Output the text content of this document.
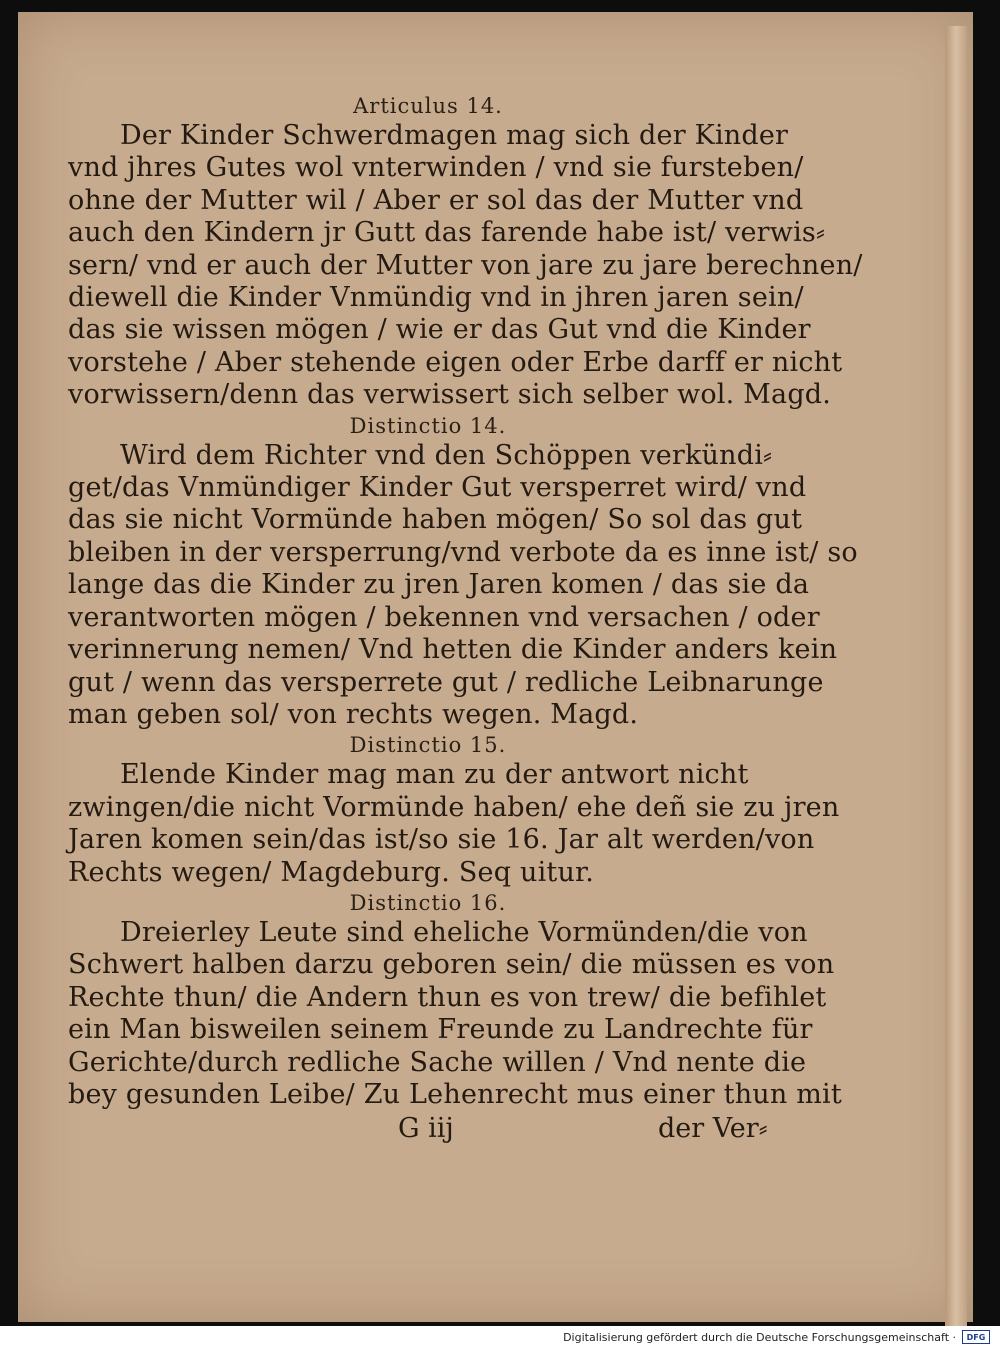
Articulus 14.
Der Kinder Schwerdmagen mag sich der Kinder
vnd jhres Gutes wol vnterwinden / vnd sie fursteben/
ohne der Mutter wil / Aber er sol das der Mutter vnd
auch den Kindern jr Gutt das farende habe ist/ verwis⸗
sern/ vnd er auch der Mutter von jare zu jare berechnen/
diewell die Kinder Vnmündig vnd in jhren jaren sein/
das sie wissen mögen / wie er das Gut vnd die Kinder
vorstehe / Aber stehende eigen oder Erbe darff er nicht
vorwissern/denn das verwissert sich selber wol. Magd.
Distinctio 14.
Wird dem Richter vnd den Schöppen verkündi⸗
get/das Vnmündiger Kinder Gut versperret wird/ vnd
das sie nicht Vormünde haben mögen/ So sol das gut
bleiben in der versperrung/vnd verbote da es inne ist/ so
lange das die Kinder zu jren Jaren komen / das sie da
verantworten mögen / bekennen vnd versachen / oder
verinnerung nemen/ Vnd hetten die Kinder anders kein
gut / wenn das versperrete gut / redliche Leibnarunge
man geben sol/ von rechts wegen. Magd.
Distinctio 15.
Elende Kinder mag man zu der antwort nicht
zwingen/die nicht Vormünde haben/ ehe deñ sie zu jren
Jaren komen sein/das ist/so sie 16. Jar alt werden/von
Rechts wegen/ Magdeburg. Seq uitur.
Distinctio 16.
Dreierley Leute sind eheliche Vormünden/die von
Schwert halben darzu geboren sein/ die müssen es von
Rechte thun/ die Andern thun es von trew/ die befihlet
ein Man bisweilen seinem Freunde zu Landrechte für
Gerichte/durch redliche Sache willen / Vnd nente die
bey gesunden Leibe/ Zu Lehenrecht mus einer thun mit
G iij	der Ver⸗
Digitalisierung gefördert durch die Deutsche Forschungsgemeinschaft ·	DFG
